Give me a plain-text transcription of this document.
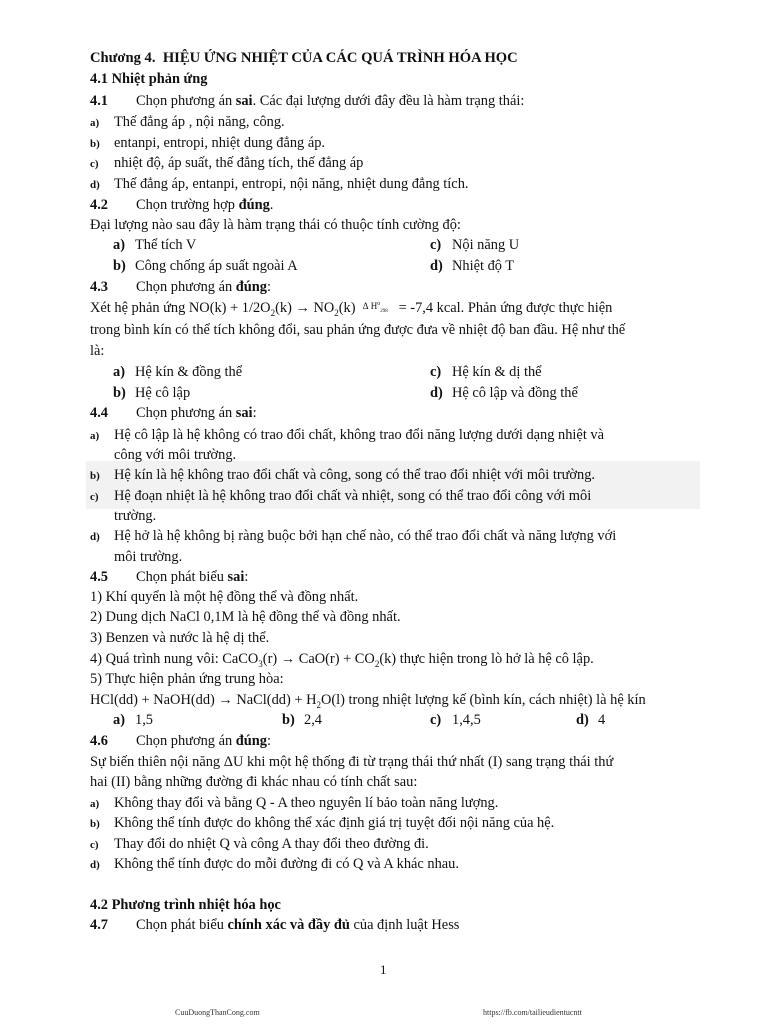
Chương 4. HIỆU ỨNG NHIỆT CỦA CÁC QUÁ TRÌNH HÓA HỌC
4.1 Nhiệt phản ứng
4.1 Chọn phương án sai. Các đại lượng dưới đây đều là hàm trạng thái:
a) Thế đẳng áp , nội năng, công.
b) entanpi, entropi, nhiệt dung đẳng áp.
c) nhiệt độ, áp suất, thế đẳng tích, thế đẳng áp
d) Thế đẳng áp, entanpi, entropi, nội năng, nhiệt dung đẳng tích.
4.2 Chọn trường hợp đúng.
Đại lượng nào sau đây là hàm trạng thái có thuộc tính cường độ:
a) Thể tích V	c) Nội năng U
b) Công chống áp suất ngoài A	d) Nhiệt độ T
4.3 Chọn phương án đúng:
Xét hệ phản ứng $NO(k) + 1/2O_2(k) \to NO_2(k) ^{\Delta H^o_{298}} = -7,4$ kcal. Phản ứng được thực hiện
trong bình kín có thể tích không đổi, sau phản ứng được đưa về nhiệt độ ban đầu. Hệ như thế
là:
a) Hệ kín & đồng thể	c) Hệ kín & dị thể
b) Hệ cô lập	d) Hệ cô lập và đồng thể
4.4 Chọn phương án sai:
a) Hệ cô lập là hệ không có trao đổi chất, không trao đổi năng lượng dưới dạng nhiệt và
công với môi trường.
b) Hệ kín là hệ không trao đổi chất và công, song có thể trao đổi nhiệt với môi trường.
c) Hệ đoạn nhiệt là hệ không trao đổi chất và nhiệt, song có thể trao đổi công với môi
trường.
d) Hệ hở là hệ không bị ràng buộc bởi hạn chế nào, có thể trao đổi chất và năng lượng với
môi trường.
4.5 Chọn phát biểu sai:
1) Khí quyển là một hệ đồng thể và đồng nhất.
2) Dung dịch NaCl 0,1M là hệ đồng thể và đồng nhất.
3) Benzen và nước là hệ dị thể.
4) Quá trình nung vôi: CaCO$_3$(r) → $CaO(r) + CO_2(k)$ thực hiện trong lò hở là hệ cô lập.
5) Thực hiện phản ứng trung hòa:
HCl(dd) + NaOH(dd) → NaCl(dd) + $H_2O(l)$ trong nhiệt lượng kế (bình kín, cách nhiệt) là hệ kín
a) 1,5	b) 2,4	c) 1,4,5	d) 4
4.6 Chọn phương án đúng:
Sự biến thiên nội năng ΔU khi một hệ thống đi từ trạng thái thứ nhất (I) sang trạng thái thứ
hai (II) bằng những đường đi khác nhau có tính chất sau:
a) Không thay đổi và bằng Q - A theo nguyên lí bảo toàn năng lượng.
b) Không thể tính được do không thể xác định giá trị tuyệt đối nội năng của hệ.
c) Thay đổi do nhiệt Q và công A thay đổi theo đường đi.
d) Không thể tính được do mỗi đường đi có Q và A khác nhau.
4.2 Phương trình nhiệt hóa học
4.7 Chọn phát biểu chính xác và đầy đủ của định luật Hess
1
CuuDuongThanCong.com	https://fb.com/tailieudientucntt
